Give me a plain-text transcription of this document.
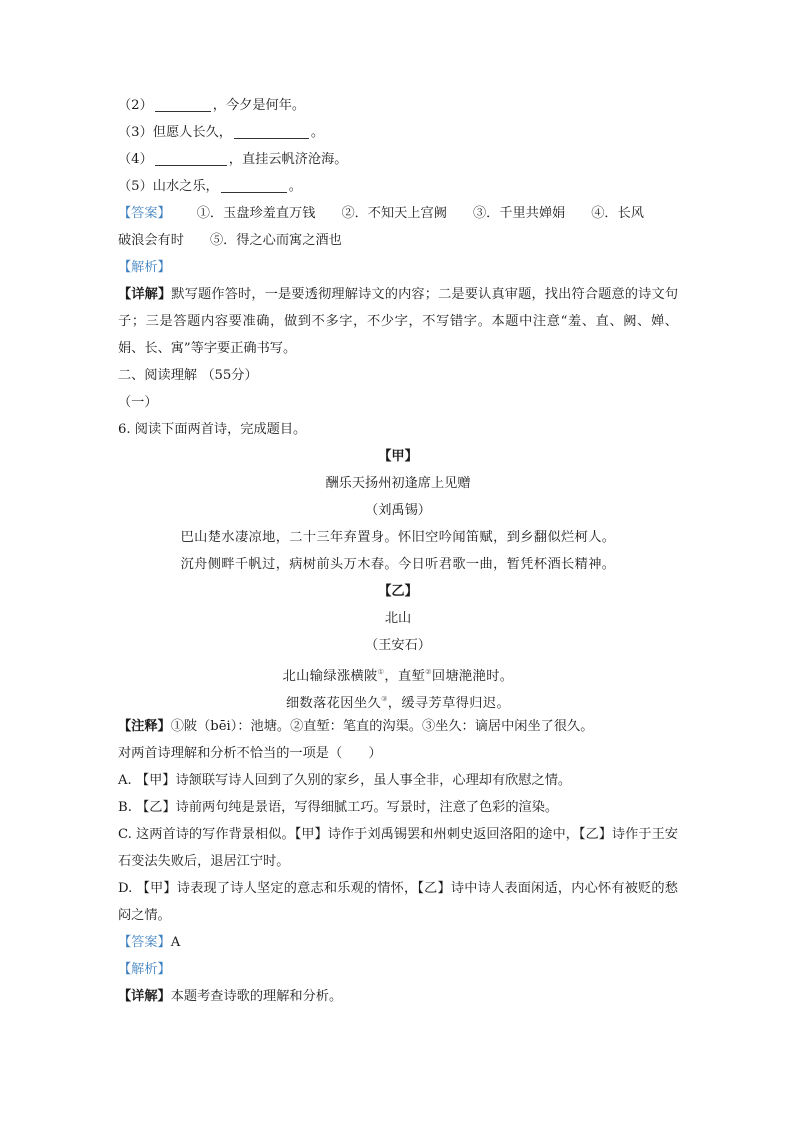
（2）	，今夕是何年。
（3）但愿人长久，	。
（4）	，直挂云帆济沧海。
（5）山水之乐，	。
【答案】 ①．玉盘珍羞直万钱 ②．不知天上宫阙 ③．千里共婵娟 ④．长风
破浪会有时 ⑤．得之心而寓之酒也
【解析】
【详解】默写题作答时，一是要透彻理解诗文的内容；二是要认真审题，找出符合题意的诗文句子；三是答题内容要准确，做到不多字，不少字，不写错字。本题中注意“羞、直、阙、婵、娟、长、寓”等字要正确书写。
二、阅读理解 （55分）
（一）
6. 阅读下面两首诗，完成题目。
【甲】
酬乐天扬州初逢席上见赠
（刘禹锡）
巴山楚水凄凉地，二十三年弃置身。怀旧空吟闻笛赋，到乡翻似烂柯人。
沉舟侧畔千帆过，病树前头万木春。今日听君歌一曲，暂凭杯酒长精神。
【乙】
北山
（王安石）
北山输绿涨横陂①，直堑②回塘滟滟时。
细数落花因坐久③，缓寻芳草得归迟。
【注释】①陂（bēi）：池塘。②直堑：笔直的沟渠。③坐久：谪居中闲坐了很久。
对两首诗理解和分析不恰当的一项是（　　）
A. 【甲】诗颔联写诗人回到了久别的家乡，虽人事全非，心理却有欣慰之情。
B. 【乙】诗前两句纯是景语，写得细腻工巧。写景时，注意了色彩的渲染。
C. 这两首诗的写作背景相似。【甲】诗作于刘禹锡罢和州刺史返回洛阳的途中，【乙】诗作于王安石变法失败后，退居江宁时。
D. 【甲】诗表现了诗人坚定的意志和乐观的情怀，【乙】诗中诗人表面闲适，内心怀有被贬的愁闷之情。
【答案】A
【解析】
【详解】本题考查诗歌的理解和分析。
